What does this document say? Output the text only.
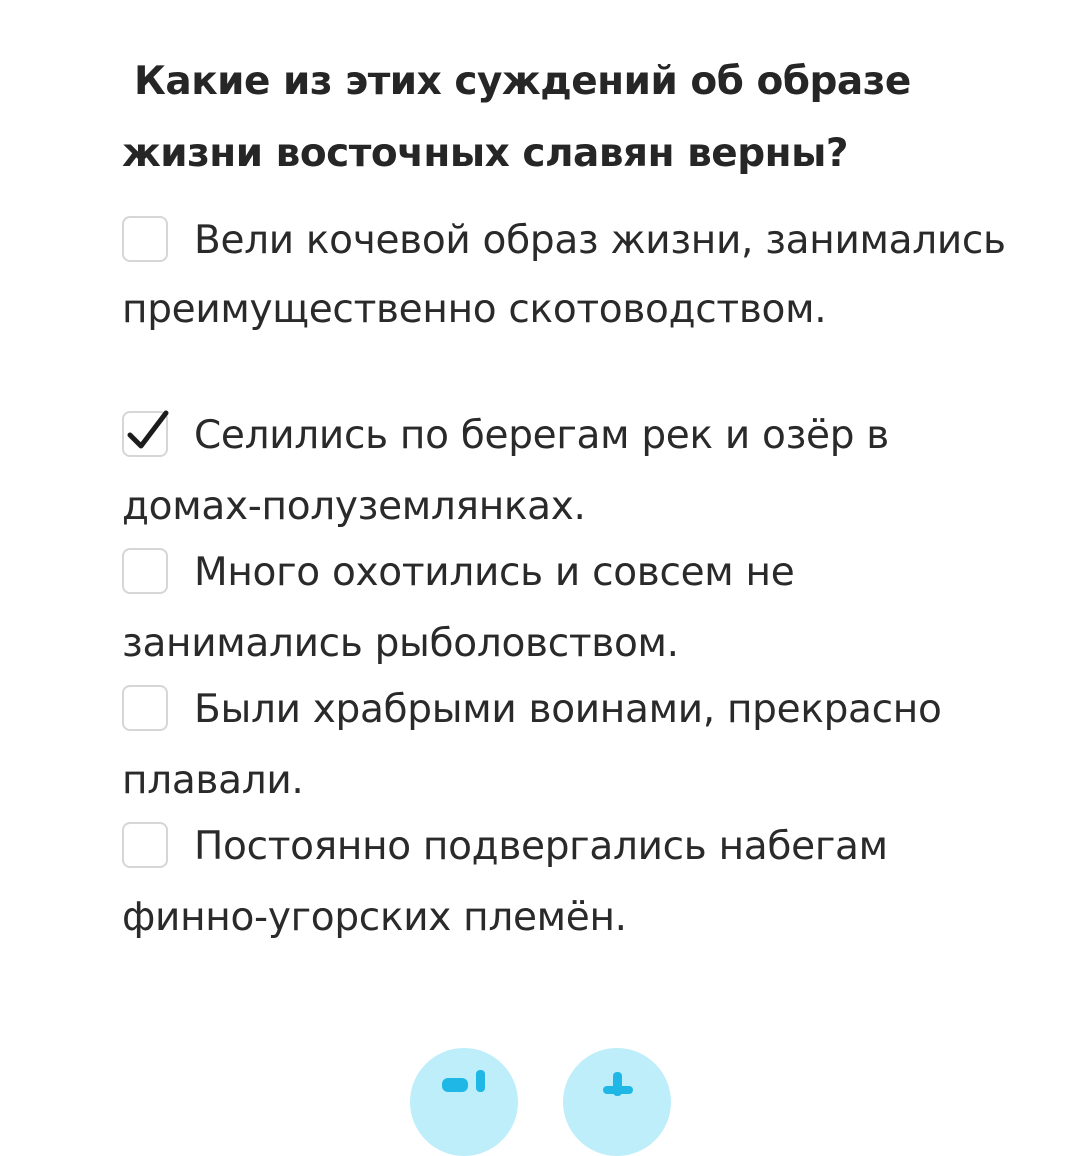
Какие из этих суждений об образе жизни восточных славян верны?

Вели кочевой образ жизни, занимались преимущественно скотоводством.
Селились по берегам рек и озёр в домах-полуземлянках.
Много охотились и совсем не занимались рыболовством.
Были храбрыми воинами, прекрасно плавали.
Постоянно подвергались набегам финно-угорских племён.
